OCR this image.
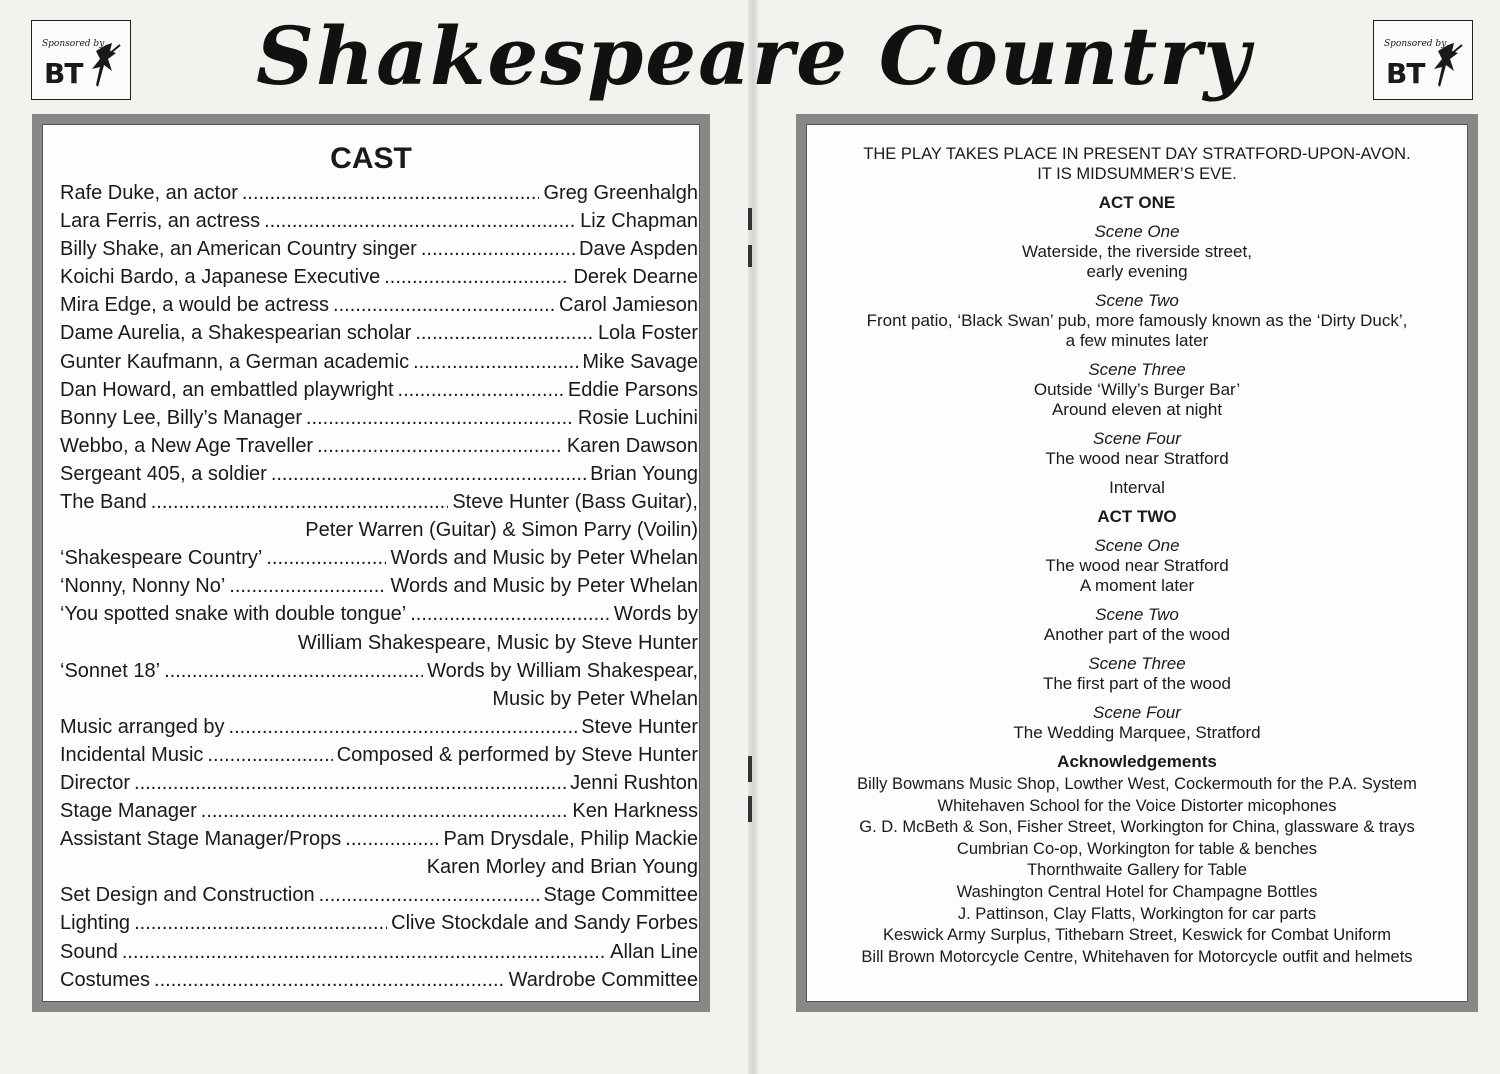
Sponsored by
BT	Shakespeare Country	Sponsored by
BT
CAST
Rafe Duke, an actor .....	Greg Greenhalgh
Lara Ferris, an actress .....	Liz Chapman
Billy Shake, an American Country singer .....	Dave Aspden
Koichi Bardo, a Japanese Executive .....	Derek Dearne
Mira Edge, a would be actress .....	Carol Jamieson
Dame Aurelia, a Shakespearian scholar .....	Lola Foster
Gunter Kaufmann, a German academic .....	Mike Savage
Dan Howard, an embattled playwright .....	Eddie Parsons
Bonny Lee, Billy’s Manager .....	Rosie Luchini
Webbo, a New Age Traveller .....	Karen Dawson
Sergeant 405, a soldier .....	Brian Young
The Band .....	Steve Hunter (Bass Guitar),
Peter Warren (Guitar) & Simon Parry (Voilin)
‘Shakespeare Country’ .....	Words and Music by Peter Whelan
‘Nonny, Nonny No’ .....	Words and Music by Peter Whelan
‘You spotted snake with double tongue’ .....	Words by
William Shakespeare, Music by Steve Hunter
‘Sonnet 18’ .....	Words by William Shakespear,
Music by Peter Whelan
Music arranged by .....	Steve Hunter
Incidental Music .....	Composed & performed by Steve Hunter
Director .....	Jenni Rushton
Stage Manager .....	Ken Harkness
Assistant Stage Manager/Props .....	Pam Drysdale, Philip Mackie
Karen Morley and Brian Young
Set Design and Construction .....	Stage Committee
Lighting .....	Clive Stockdale and Sandy Forbes
Sound .....	Allan Line
Costumes .....	Wardrobe Committee
THE PLAY TAKES PLACE IN PRESENT DAY STRATFORD-UPON-AVON.
IT IS MIDSUMMER’S EVE.
ACT ONE
Scene One
Waterside, the riverside street,
early evening
Scene Two
Front patio, ‘Black Swan’ pub, more famously known as the ‘Dirty Duck’,
a few minutes later
Scene Three
Outside ‘Willy’s Burger Bar’
Around eleven at night
Scene Four
The wood near Stratford
Interval
ACT TWO
Scene One
The wood near Stratford
A moment later
Scene Two
Another part of the wood
Scene Three
The first part of the wood
Scene Four
The Wedding Marquee, Stratford
Acknowledgements
Billy Bowmans Music Shop, Lowther West, Cockermouth for the P.A. System
Whitehaven School for the Voice Distorter micophones
G. D. McBeth & Son, Fisher Street, Workington for China, glassware & trays
Cumbrian Co-op, Workington for table & benches
Thornthwaite Gallery for Table
Washington Central Hotel for Champagne Bottles
J. Pattinson, Clay Flatts, Workington for car parts
Keswick Army Surplus, Tithebarn Street, Keswick for Combat Uniform
Bill Brown Motorcycle Centre, Whitehaven for Motorcycle outfit and helmets
